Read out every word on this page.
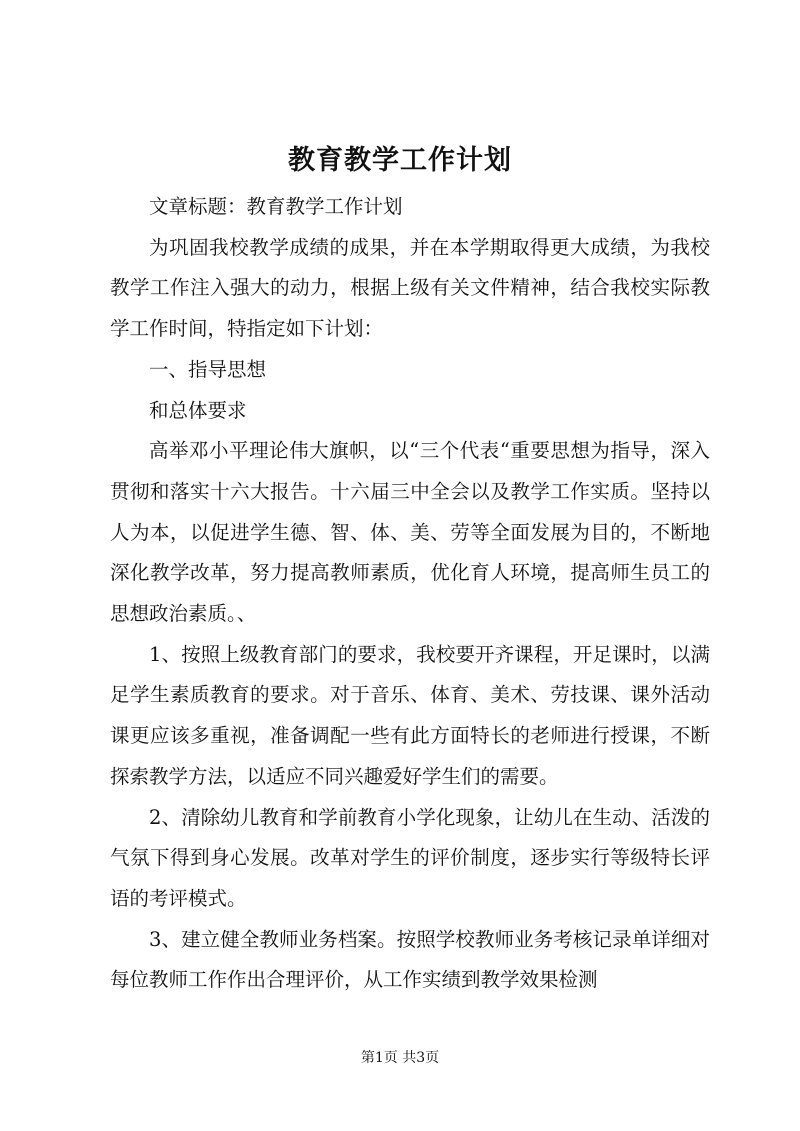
教育教学工作计划

文章标题：教育教学工作计划

为巩固我校教学成绩的成果，并在本学期取得更大成绩，为我校教学工作注入强大的动力，根据上级有关文件精神，结合我校实际教学工作时间，特指定如下计划：

一、指导思想

和总体要求

高举邓小平理论伟大旗帜，以“三个代表“重要思想为指导，深入贯彻和落实十六大报告。十六届三中全会以及教学工作实质。坚持以人为本，以促进学生德、智、体、美、劳等全面发展为目的，不断地深化教学改革，努力提高教师素质，优化育人环境，提高师生员工的思想政治素质。、

1、按照上级教育部门的要求，我校要开齐课程，开足课时，以满足学生素质教育的要求。对于音乐、体育、美术、劳技课、课外活动课更应该多重视，准备调配一些有此方面特长的老师进行授课，不断探索教学方法，以适应不同兴趣爱好学生们的需要。

2、清除幼儿教育和学前教育小学化现象，让幼儿在生动、活泼的气氛下得到身心发展。改革对学生的评价制度，逐步实行等级特长评语的考评模式。

3、建立健全教师业务档案。按照学校教师业务考核记录单详细对每位教师工作作出合理评价，从工作实绩到教学效果检测

第1页 共3页
